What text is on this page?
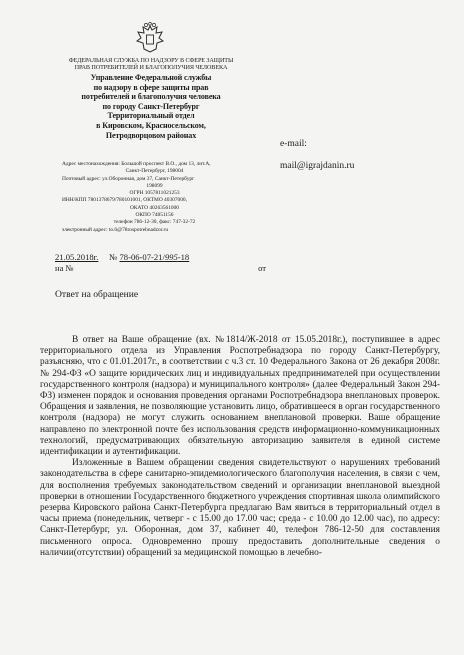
ФЕДЕРАЛЬНАЯ СЛУЖБА ПО НАДЗОРУ В СФЕРЕ ЗАЩИТЫ
ПРАВ ПОТРЕБИТЕЛЕЙ И БЛАГОПОЛУЧИЯ ЧЕЛОВЕКА
Управление Федеральной службы
по надзору в сфере защиты прав
потребителей и благополучия человека
по городу Санкт-Петербург
Территориальный отдел
в Кировском, Красносельском,
Петродворцовом районах
Адрес местонахождения: Большой проспект В.О., дом 13, лит.А,
Санкт-Петербург, 198004
Почтовый адрес: ул.Оборонная, дом 37, Санкт-Петербург
198099
ОГРН 1057811021253
ИНН/КПП 7801378679/780101001, ОКТМО 40307000,
ОКАТО 40263561000
ОКПО 74851156
телефон 786-12-30, факс: 747-32-72
электронный адрес: to.6@78rospotrebnadzor.ru
e-mail:
mail@igrajdanin.ru
21.05.2018г. № 78-06-07-21/995-18
на №	от
Ответ на обращение

В ответ на Ваше обращение (вх. №1814/Ж-2018 от 15.05.2018г.), поступившее в адрес территориального отдела из Управления Роспотребнадзора по городу Санкт-Петербургу, разъясняю, что с 01.01.2017г., в соответствии с ч.3 ст. 10 Федерального Закона от 26 декабря 2008г. № 294-ФЗ «О защите юридических лиц и индивидуальных предпринимателей при осуществлении государственного контроля (надзора) и муниципального контроля» (далее Федеральный Закон 294-ФЗ) изменен порядок и основания проведения органами Роспотребнадзора внеплановых проверок. Обращения и заявления, не позволяющие установить лицо, обратившееся в орган государственного контроля (надзора) не могут служить основанием внеплановой проверки. Ваше обращение направлено по электронной почте без использования средств информационно-коммуникационных технологий, предусматривающих обязательную авторизацию заявителя в единой системе идентификации и аутентификации.

Изложенные в Вашем обращении сведения свидетельствуют о нарушениях требований законодательства в сфере санитарно-эпидемиологического благополучия населения, в связи с чем, для восполнения требуемых законодательством сведений и организации внеплановой выездной проверки в отношении Государственного бюджетного учреждения спортивная школа олимпийского резерва Кировского района Санкт-Петербурга предлагаю Вам явиться в территориальный отдел в часы приема (понедельник, четверг - с 15.00 до 17.00 час; среда - с 10.00 до 12.00 час), по адресу: Санкт-Петербург, ул. Оборонная, дом 37, кабинет 40, телефон 786-12-50 для составления письменного опроса. Одновременно прошу предоставить дополнительные сведения о наличии(отсутствии) обращений за медицинской помощью в лечебно-
